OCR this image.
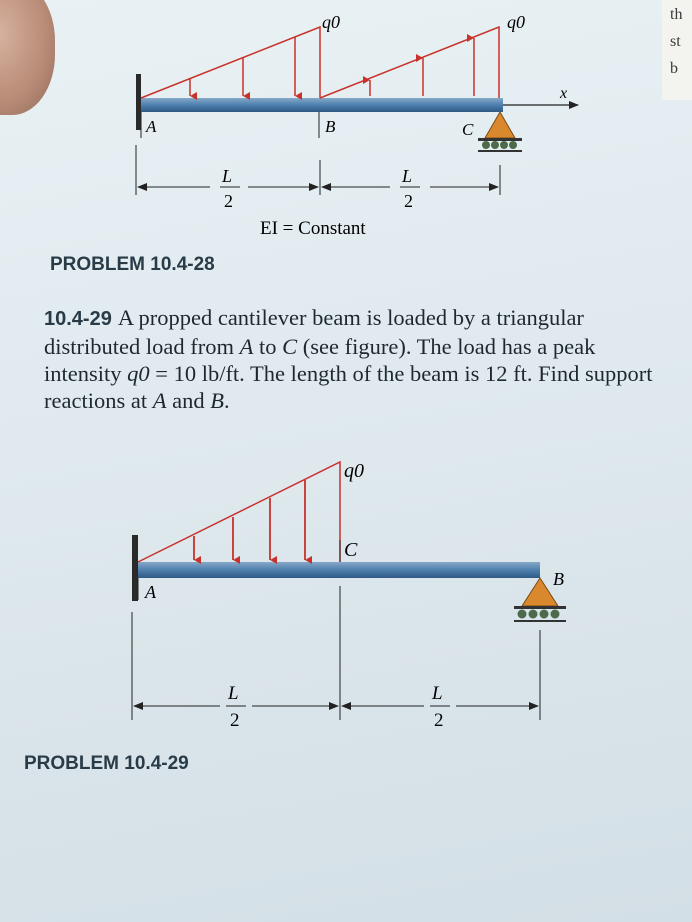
th
st
b
q0	q0
x
A	B	C
L
2
L
2
EI = Constant
q0
A
B
C
L
2
L
2
PROBLEM 10.4-28
10.4-29 A propped cantilever beam is loaded by a triangular distributed load from A to C (see figure). The load has a peak intensity q0 = 10 lb/ft. The length of the beam is 12 ft. Find support reactions at A and B.
PROBLEM 10.4-29
